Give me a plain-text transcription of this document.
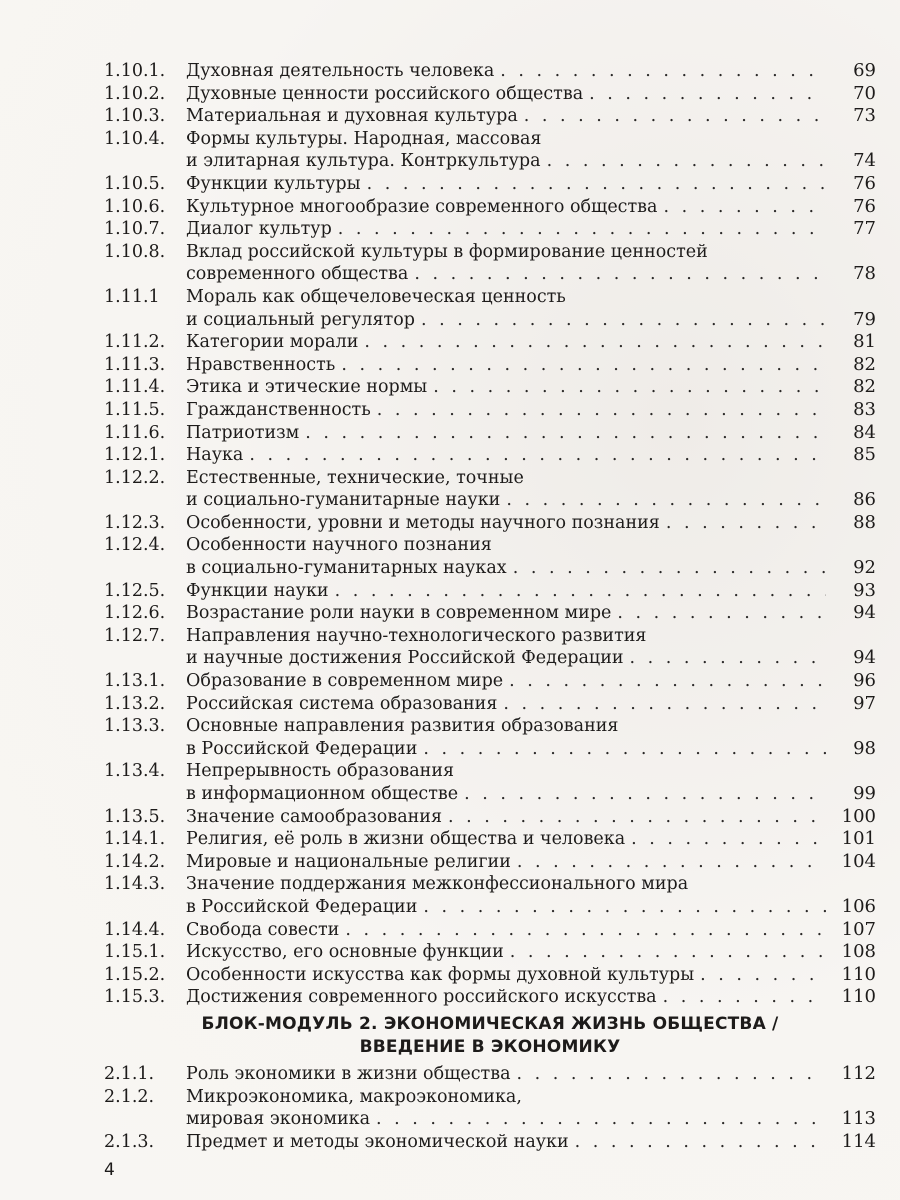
1.10.1.	Духовная деятельность человека . . .	69
1.10.2.	Духовные ценности российского общества . . .	70
1.10.3.	Материальная и духовная культура . . .	73
1.10.4.	Формы культуры. Народная, массовая
и элитарная культура. Контркультура . . .	74
1.10.5.	Функции культуры . . .	76
1.10.6.	Культурное многообразие современного общества . . .	76
1.10.7.	Диалог культур . . .	77
1.10.8.	Вклад российской культуры в формирование ценностей
современного общества . . .	78
1.11.1	Мораль как общечеловеческая ценность
и социальный регулятор . . .	79
1.11.2.	Категории морали . . .	81
1.11.3.	Нравственность . . .	82
1.11.4.	Этика и этические нормы . . .	82
1.11.5.	Гражданственность . . .	83
1.11.6.	Патриотизм . . .	84
1.12.1.	Наука . . .	85
1.12.2.	Естественные, технические, точные
и социально-гуманитарные науки . . .	86
1.12.3.	Особенности, уровни и методы научного познания . . .	88
1.12.4.	Особенности научного познания
в социально-гуманитарных науках . . .	92
1.12.5.	Функции науки . . .	93
1.12.6.	Возрастание роли науки в современном мире . . .	94
1.12.7.	Направления научно-технологического развития
и научные достижения Российской Федерации . . .	94
1.13.1.	Образование в современном мире . . .	96
1.13.2.	Российская система образования . . .	97
1.13.3.	Основные направления развития образования
в Российской Федерации . . .	98
1.13.4.	Непрерывность образования
в информационном обществе . . .	99
1.13.5.	Значение самообразования . . .	100
1.14.1.	Религия, её роль в жизни общества и человека . . .	101
1.14.2.	Мировые и национальные религии . . .	104
1.14.3.	Значение поддержания межконфессионального мира
в Российской Федерации . . .	106
1.14.4.	Свобода совести . . .	107
1.15.1.	Искусство, его основные функции . . .	108
1.15.2.	Особенности искусства как формы духовной культуры . . .	110
1.15.3.	Достижения современного российского искусства . . .	110
БЛОК-МОДУЛЬ 2. ЭКОНОМИЧЕСКАЯ ЖИЗНЬ ОБЩЕСТВА /
ВВЕДЕНИЕ В ЭКОНОМИКУ
2.1.1.	Роль экономики в жизни общества . . .	112
2.1.2.	Микроэкономика, макроэкономика,
мировая экономика . . .	113
2.1.3.	Предмет и методы экономической науки . . .	114
4
